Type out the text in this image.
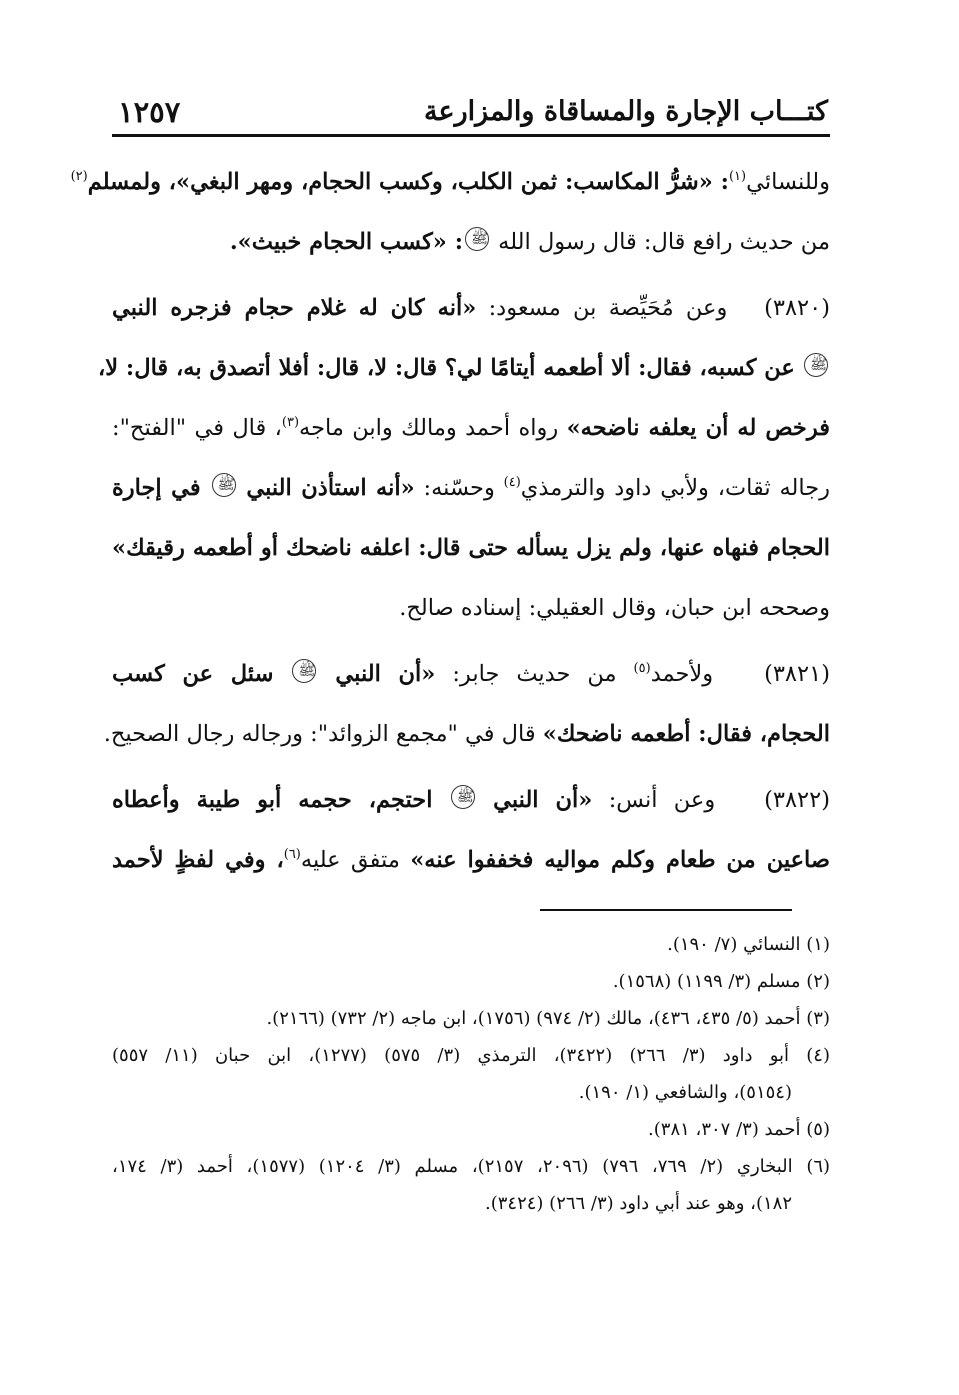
كتـــاب الإجارة والمساقاة والمزارعة
١٢٥٧
وللنسائي$^{(١)}$: «شرُّ المكاسب: ثمن الكلب، وكسب الحجام، ومهر البغي»، ولمسلم$^{(٢)}$
من حديث رافع قال: قال رسول الله ﷺ: «كسب الحجام خبيث».
(٣٨٢٠)   وعن مُحَيِّصة بن مسعود: «أنه كان له غلام حجام فزجره النبي
ﷺ عن كسبه، فقال: ألا أطعمه أيتامًا لي؟ قال: لا، قال: أفلا أتصدق به، قال: لا،
فرخص له أن يعلفه ناضحه» رواه أحمد ومالك وابن ماجه$^{(٣)}$، قال في "الفتح":
رجاله ثقات، ولأبي داود والترمذي$^{(٤)}$ وحسّنه: «أنه استأذن النبي ﷺ في إجارة
الحجام فنهاه عنها، ولم يزل يسأله حتى قال: اعلفه ناضحك أو أطعمه رقيقك»
وصححه ابن حبان، وقال العقيلي: إسناده صالح.
(٣٨٢١)   ولأحمد$^{(٥)}$ من حديث جابر: «أن النبي ﷺ سئل عن كسب
الحجام، فقال: أطعمه ناضحك» قال في "مجمع الزوائد": ورجاله رجال الصحيح.
(٣٨٢٢)   وعن أنس: «أن النبي ﷺ احتجم، حجمه أبو طيبة وأعطاه
صاعين من طعام وكلم مواليه فخففوا عنه» متفق عليه$^{(٦)}$، وفي لفظٍ لأحمد
(١) النسائي (٧/ ١٩٠).
(٢) مسلم (٣/ ١١٩٩) (١٥٦٨).
(٣) أحمد (٥/ ٤٣٥، ٤٣٦)، مالك (٢/ ٩٧٤) (١٧٥٦)، ابن ماجه (٢/ ٧٣٢) (٢١٦٦).
(٤) أبو داود (٣/ ٢٦٦) (٣٤٢٢)، الترمذي (٣/ ٥٧٥) (١٢٧٧)، ابن حبان (١١/ ٥٥٧)
(٥١٥٤)، والشافعي (١/ ١٩٠).
(٥) أحمد (٣/ ٣٠٧، ٣٨١).
(٦) البخاري (٢/ ٧٦٩، ٧٩٦) (٢٠٩٦، ٢١٥٧)، مسلم (٣/ ١٢٠٤) (١٥٧٧)، أحمد (٣/ ١٧٤،
١٨٢)، وهو عند أبي داود (٣/ ٢٦٦) (٣٤٢٤).
